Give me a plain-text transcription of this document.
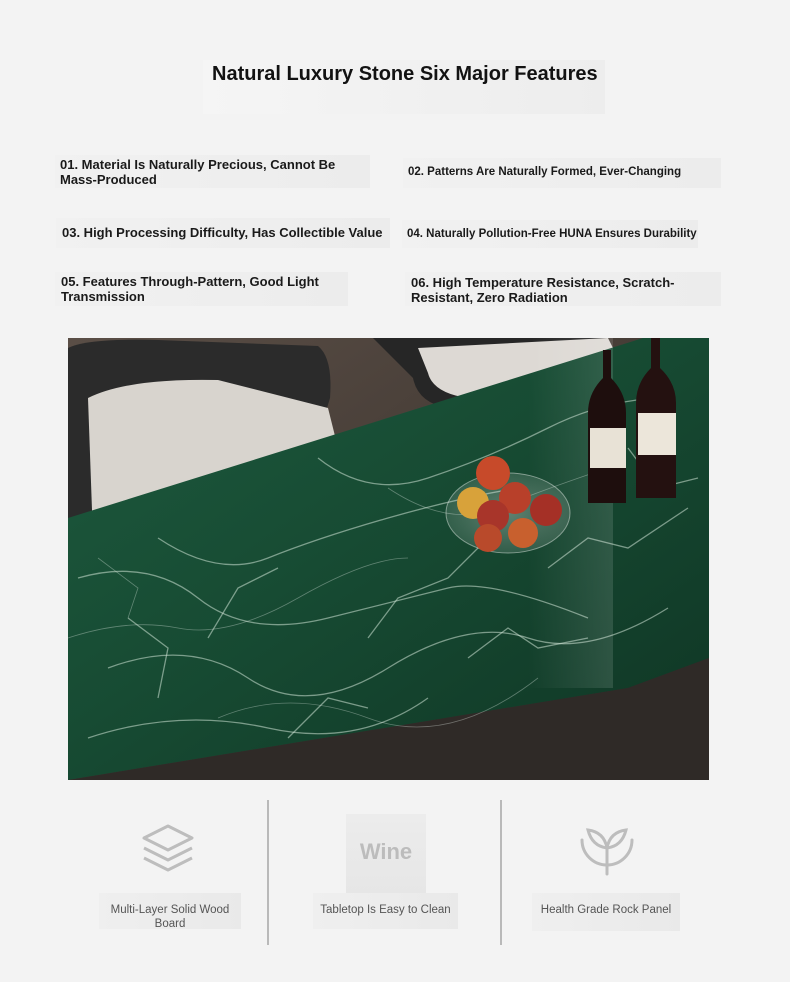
Natural Luxury Stone Six Major Features
01. Material Is Naturally Precious, Cannot Be Mass-Produced	02. Patterns Are Naturally Formed, Ever-Changing
03. High Processing Difficulty, Has Collectible Value	04. Naturally Pollution-Free HUNA Ensures Durability
05. Features Through-Pattern, Good Light Transmission
06. High Temperature Resistance, Scratch-Resistant, Zero Radiation
Multi-Layer Solid Wood Board
Wine
Tabletop Is Easy to Clean	Health Grade Rock Panel
